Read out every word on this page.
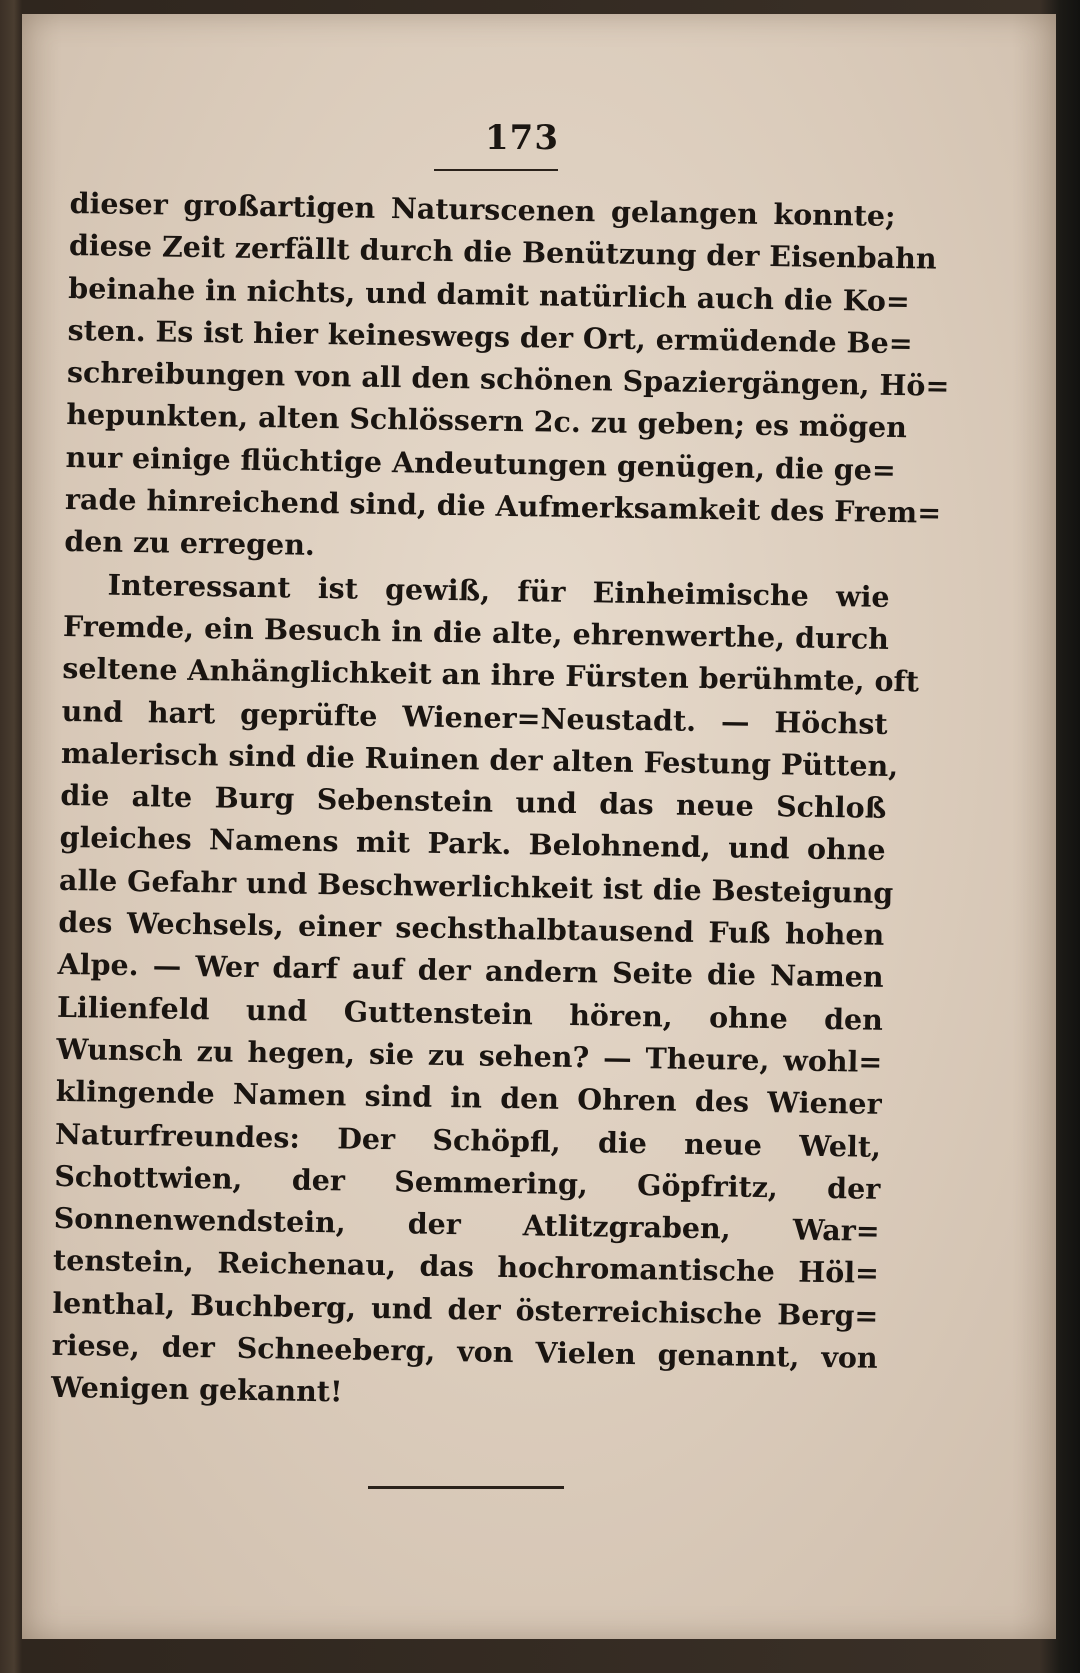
173
dieser großartigen Naturscenen gelangen konnte;
diese Zeit zerfällt durch die Benützung der Eisenbahn
beinahe in nichts, und damit natürlich auch die Ko=
sten. Es ist hier keineswegs der Ort, ermüdende Be=
schreibungen von all den schönen Spaziergängen, Hö=
hepunkten, alten Schlössern 2c. zu geben; es mögen
nur einige flüchtige Andeutungen genügen, die ge=
rade hinreichend sind, die Aufmerksamkeit des Frem=
den zu erregen.
Interessant ist gewiß, für Einheimische wie
Fremde, ein Besuch in die alte, ehrenwerthe, durch
seltene Anhänglichkeit an ihre Fürsten berühmte, oft
und hart geprüfte Wiener=Neustadt. — Höchst
malerisch sind die Ruinen der alten Festung Pütten,
die alte Burg Sebenstein und das neue Schloß
gleiches Namens mit Park. Belohnend, und ohne
alle Gefahr und Beschwerlichkeit ist die Besteigung
des Wechsels, einer sechsthalbtausend Fuß hohen
Alpe. — Wer darf auf der andern Seite die Namen
Lilienfeld und Guttenstein hören, ohne den
Wunsch zu hegen, sie zu sehen? — Theure, wohl=
klingende Namen sind in den Ohren des Wiener
Naturfreundes: Der Schöpfl, die neue Welt,
Schottwien, der Semmering, Göpfritz, der
Sonnenwendstein, der Atlitzgraben, War=
tenstein, Reichenau, das hochromantische Höl=
lenthal, Buchberg, und der österreichische Berg=
riese, der Schneeberg, von Vielen genannt, von
Wenigen gekannt!
